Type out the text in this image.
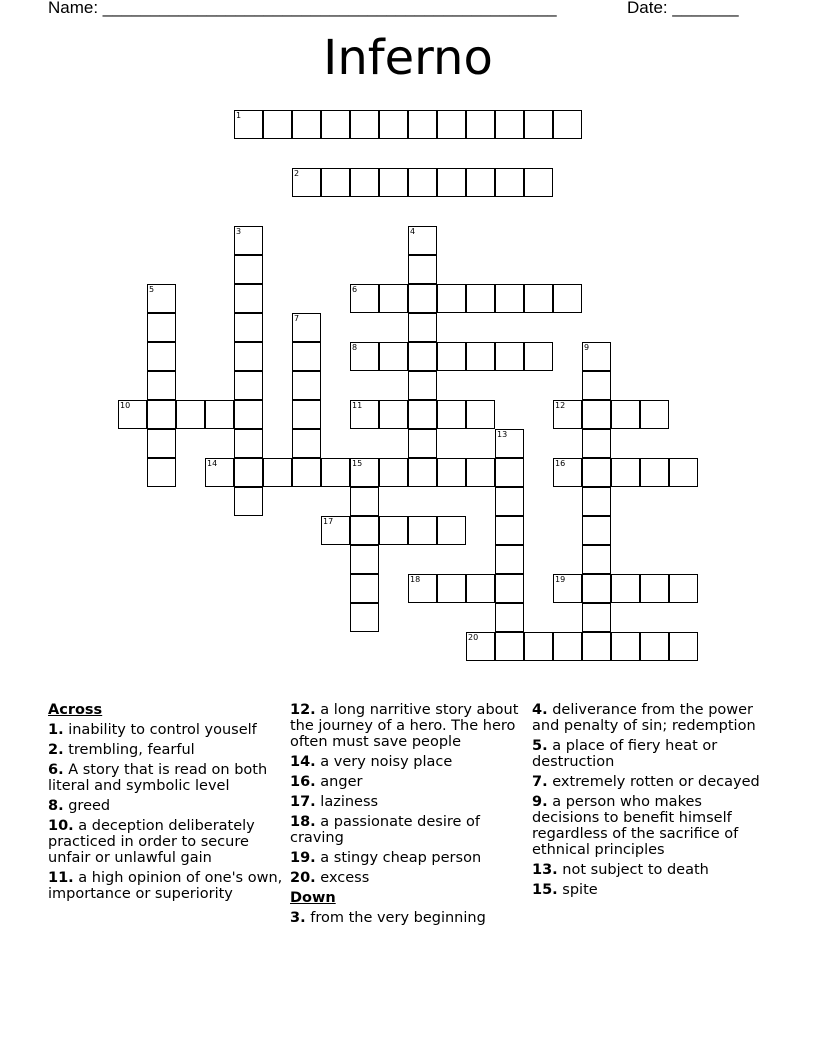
Name: ________________________________________________	Date: _______
Inferno
1
2
3	4
5	6
7
8	9
10	11	12
13
14	15	16
17
18	19
20
Across
1. inability to control youself
2. trembling, fearful
6. A story that is read on both literal and symbolic level
8. greed
10. a deception deliberately practiced in order to secure unfair or unlawful gain
11. a high opinion of one's own, importance or superiority
12. a long narritive story about the journey of a hero. The hero often must save people
14. a very noisy place
16. anger
17. laziness
18. a passionate desire of craving
19. a stingy cheap person
20. excess
Down
3. from the very beginning
4. deliverance from the power and penalty of sin; redemption
5. a place of fiery heat or destruction
7. extremely rotten or decayed
9. a person who makes decisions to benefit himself regardless of the sacrifice of ethnical principles
13. not subject to death
15. spite
